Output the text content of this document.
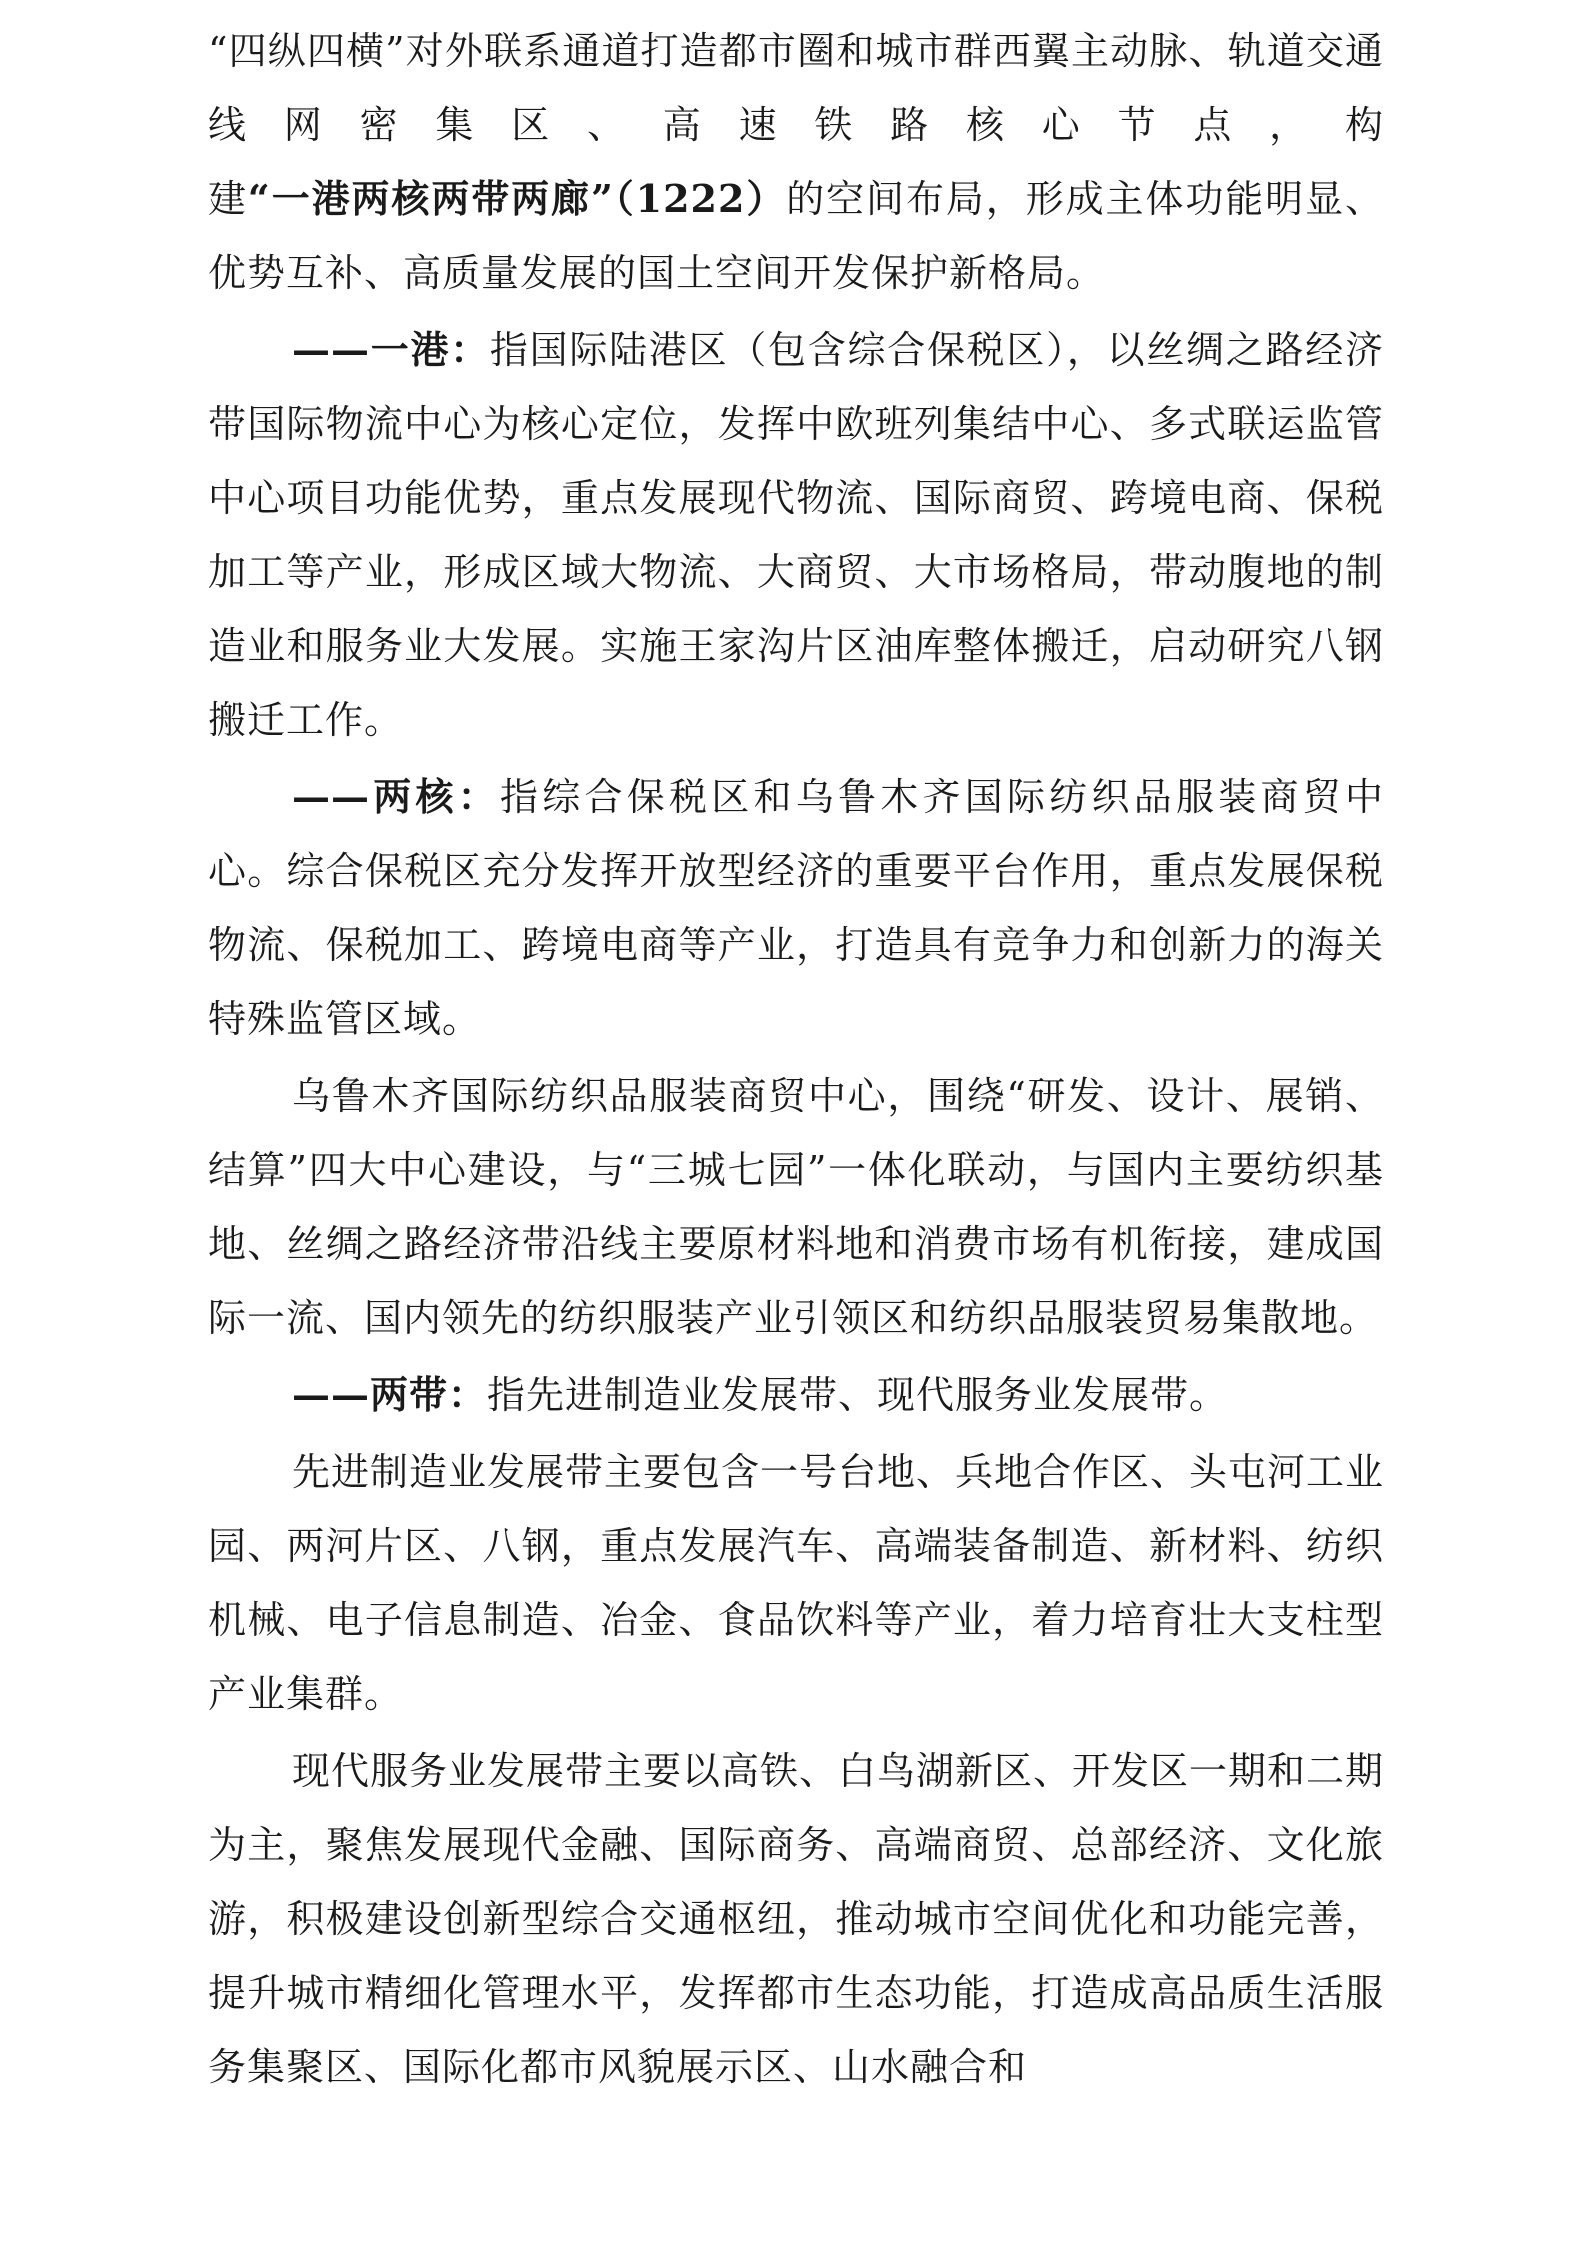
“四纵四横”对外联系通道打造都市圈和城市群西翼主动脉、轨道交通线网密集区、高速铁路核心节点，构建“一港两核两带两廊”（1222）的空间布局，形成主体功能明显、优势互补、高质量发展的国土空间开发保护新格局。

——一港：指国际陆港区（包含综合保税区），以丝绸之路经济带国际物流中心为核心定位，发挥中欧班列集结中心、多式联运监管中心项目功能优势，重点发展现代物流、国际商贸、跨境电商、保税加工等产业，形成区域大物流、大商贸、大市场格局，带动腹地的制造业和服务业大发展。实施王家沟片区油库整体搬迁，启动研究八钢搬迁工作。

——两核：指综合保税区和乌鲁木齐国际纺织品服装商贸中心。综合保税区充分发挥开放型经济的重要平台作用，重点发展保税物流、保税加工、跨境电商等产业，打造具有竞争力和创新力的海关特殊监管区域。

乌鲁木齐国际纺织品服装商贸中心，围绕“研发、设计、展销、结算”四大中心建设，与“三城七园”一体化联动，与国内主要纺织基地、丝绸之路经济带沿线主要原材料地和消费市场有机衔接，建成国际一流、国内领先的纺织服装产业引领区和纺织品服装贸易集散地。

——两带：指先进制造业发展带、现代服务业发展带。

先进制造业发展带主要包含一号台地、兵地合作区、头屯河工业园、两河片区、八钢，重点发展汽车、高端装备制造、新材料、纺织机械、电子信息制造、冶金、食品饮料等产业，着力培育壮大支柱型产业集群。

现代服务业发展带主要以高铁、白鸟湖新区、开发区一期和二期为主，聚焦发展现代金融、国际商务、高端商贸、总部经济、文化旅游，积极建设创新型综合交通枢纽，推动城市空间优化和功能完善，提升城市精细化管理水平，发挥都市生态功能，打造成高品质生活服务集聚区、国际化都市风貌展示区、山水融合和
